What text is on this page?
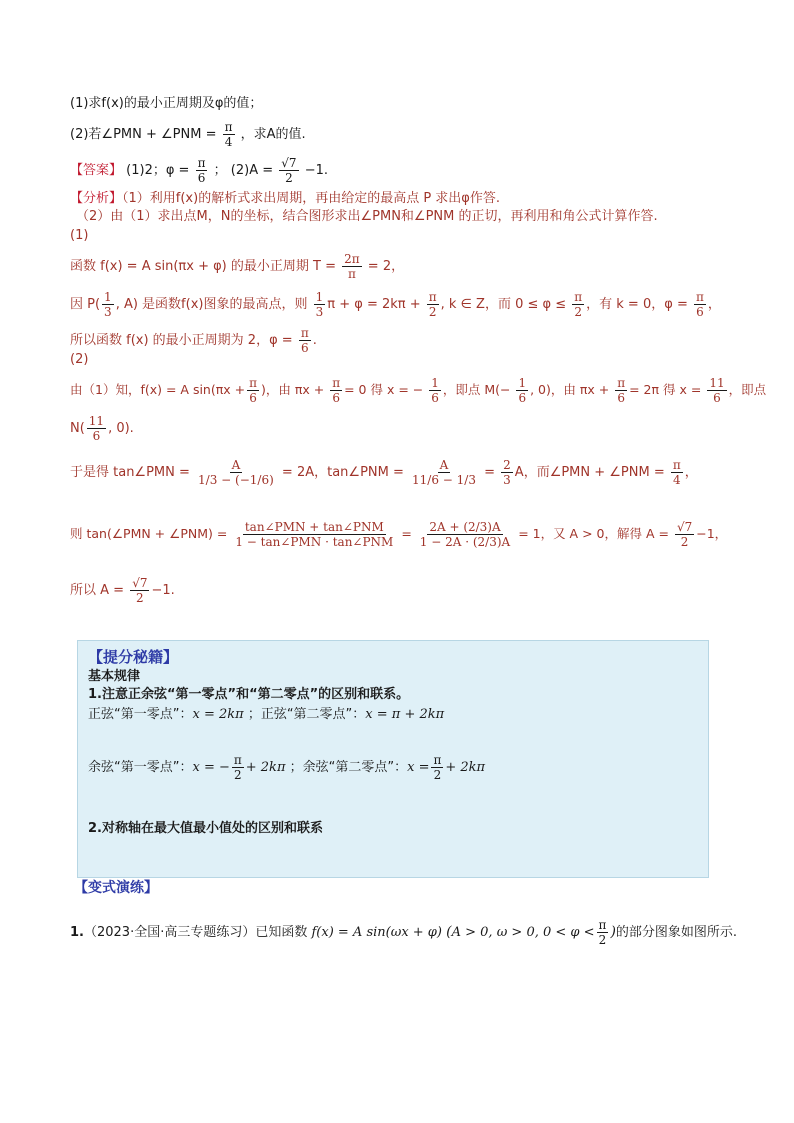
(1)求f(x)的最小正周期及φ的值；
(2)若∠PMN + ∠PNM = $\frac{\pi}{4}$ ，求A的值.
【答案】 (1)2；$\varphi = \frac{\pi}{6}$ ； $(2)A = \frac{√7}{2} -1$.
【分析】（1）利用f(x)的解析式求出周期，再由给定的最高点 P 求出φ作答.
（2）由（1）求出点M，N的坐标，结合图形求出∠PMN和∠PNM 的正切，再利用和角公式计算作答.
(1)
函数 f(x) = A sin(πx + φ) 的最小正周期 $T = \frac{2\pi}{\pi} = 2$，
因 $P( \frac{1}{3}$ , A) 是函数f(x)图象的最高点，则 $\frac{1}{3}$ $\pi + \varphi = 2k\pi + \frac{\pi}{2}$ , k ∈ Z，而 $0 \le \varphi \le \frac{\pi}{2}$ ，有 k = 0，$\varphi = \frac{\pi}{6}$ ，
所以函数 f(x) 的最小正周期为 2，$\varphi = \frac{\pi}{6}$ .
(2)
由（1）知，f(x) = A $\sin(\pi x + \frac{\pi}{6}$ )，由 $\pi x + \frac{\pi}{6} = 0$ 得 x = − $\frac{1}{6}$ ，即点 $M(- \frac{1}{6}$ , 0)，由 $\pi x + \frac{\pi}{6} = 2\pi$ 得 $x = \frac{11}{6}$ ，即点
$N( \frac{11}{6}$ , 0).
于是得 tan∠PMN = $\frac{A}{1/3 - (-1/6)} = 2A$，tan∠PNM = $\frac{A}{11/6 - 1/3} = \frac{2}{3}$ A，而∠PMN + ∠PNM = $\frac{\pi}{4}$ ，
则 tan(∠PMN + ∠PNM) = $\frac{\text{tan∠PMN + tan∠PNM}}{\text{1 − tan∠PMN · tan∠PNM}} = \frac{2A + (2/3)A}{1 - 2A \cdot (2/3)A} = 1$，又 A > 0，解得 $A = \frac{√7}{2} -1$，
所以 $A = \frac{√7}{2} -1$.
【提分秘籍】
基本规律
1.注意正余弦“第一零点”和“第二零点”的区别和联系。
正弦“第一零点”：x = 2kπ ；正弦“第二零点”：x = π + 2kπ
余弦“第一零点”：x = − $\frac{\pi}{2} + 2k\pi$ ；余弦“第二零点”：$x = \frac{\pi}{2} + 2k\pi$
2.对称轴在最大值最小值处的区别和联系
【变式演练】
1.（2023·全国·高三专题练习）已知函数 f(x) = A sin(ωx + φ) (A > 0, ω > 0, $0 < \varphi < \frac{\pi}{2}$ )的部分图象如图所示.
